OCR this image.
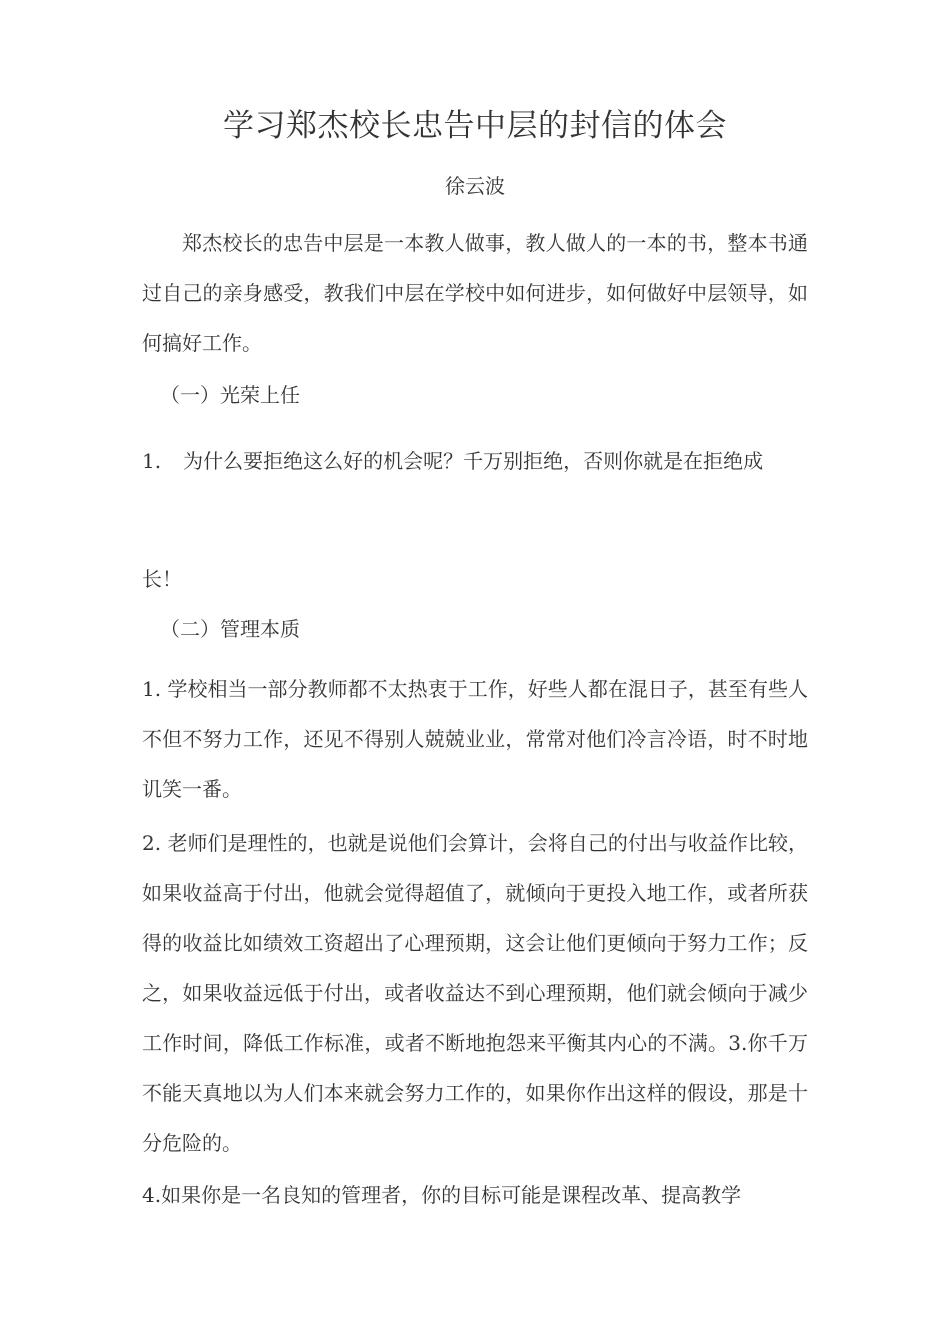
学习郑杰校长忠告中层的封信的体会
徐云波
郑杰校长的忠告中层是一本教人做事，教人做人的一本的书，整本书通过自己的亲身感受，教我们中层在学校中如何进步，如何做好中层领导，如何搞好工作。
（一）光荣上任
1. 为什么要拒绝这么好的机会呢？千万别拒绝，否则你就是在拒绝成
长！
（二）管理本质
1. 学校相当一部分教师都不太热衷于工作，好些人都在混日子，甚至有些人不但不努力工作，还见不得别人兢兢业业，常常对他们冷言冷语，时不时地讥笑一番。
2. 老师们是理性的，也就是说他们会算计，会将自己的付出与收益作比较，如果收益高于付出，他就会觉得超值了，就倾向于更投入地工作，或者所获得的收益比如绩效工资超出了心理预期，这会让他们更倾向于努力工作；反之，如果收益远低于付出，或者收益达不到心理预期，他们就会倾向于减少工作时间，降低工作标准，或者不断地抱怨来平衡其内心的不满。3.你千万不能天真地以为人们本来就会努力工作的，如果你作出这样的假设，那是十分危险的。
4.如果你是一名良知的管理者，你的目标可能是课程改革、提高教学
